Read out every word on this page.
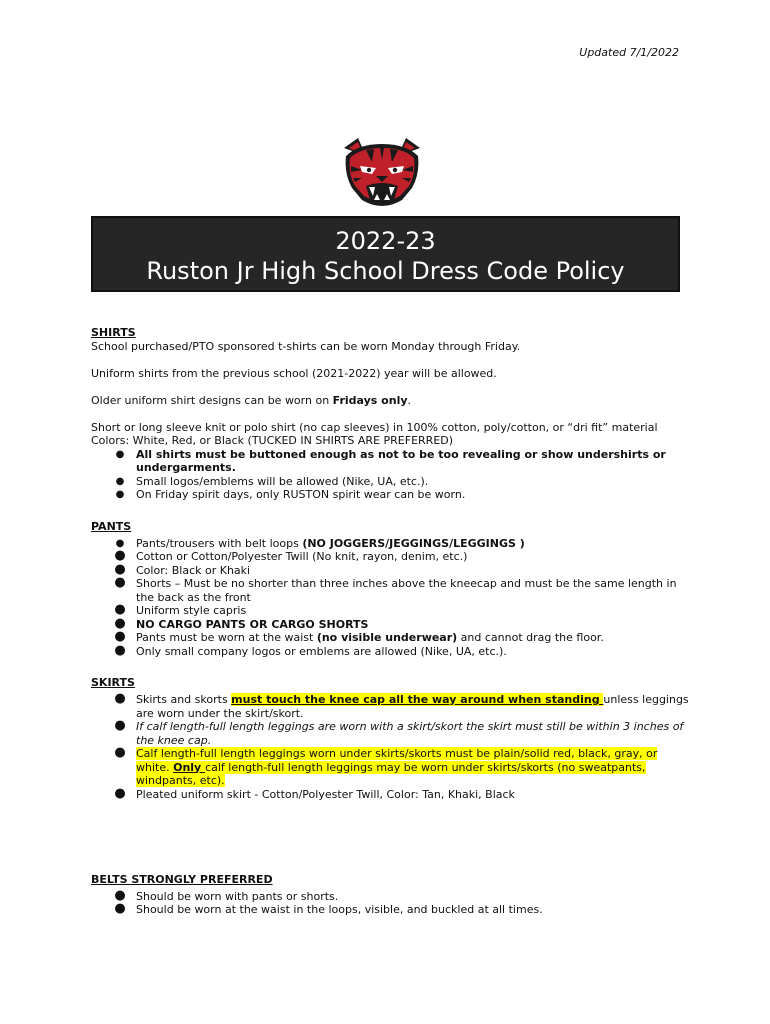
Updated 7/1/2022
2022-23
Ruston Jr High School Dress Code Policy

SHIRTS

School purchased/PTO sponsored t-shirts can be worn Monday through Friday.

Uniform shirts from the previous school (2021-2022) year will be allowed.

Older uniform shirt designs can be worn on Fridays only.

Short or long sleeve knit or polo shirt (no cap sleeves) in 100% cotton, poly/cotton, or “dri fit” material

Colors: White, Red, or Black (TUCKED IN SHIRTS ARE PREFERRED)

● All shirts must be buttoned enough as not to be too revealing or show undershirts or undergarments.
● Small logos/emblems will be allowed (Nike, UA, etc.).
● On Friday spirit days, only RUSTON spirit wear can be worn.

PANTS

● Pants/trousers with belt loops (NO JOGGERS/JEGGINGS/LEGGINGS )
● Cotton or Cotton/Polyester Twill (No knit, rayon, denim, etc.)
● Color: Black or Khaki
● Shorts – Must be no shorter than three inches above the kneecap and must be the same length in the back as the front
● Uniform style capris
● NO CARGO PANTS OR CARGO SHORTS
● Pants must be worn at the waist (no visible underwear) and cannot drag the floor.
● Only small company logos or emblems are allowed (Nike, UA, etc.).

SKIRTS

● Skirts and skorts must touch the knee cap all the way around when standing unless leggings are worn under the skirt/skort.
● If calf length-full length leggings are worn with a skirt/skort the skirt must still be within 3 inches of the knee cap.
● Calf length-full length leggings worn under skirts/skorts must be plain/solid red, black, gray, or white. Only calf length-full length leggings may be worn under skirts/skorts (no sweatpants, windpants, etc).
● Pleated uniform skirt - Cotton/Polyester Twill, Color: Tan, Khaki, Black

BELTS STRONGLY PREFERRED

● Should be worn with pants or shorts.
● Should be worn at the waist in the loops, visible, and buckled at all times.
